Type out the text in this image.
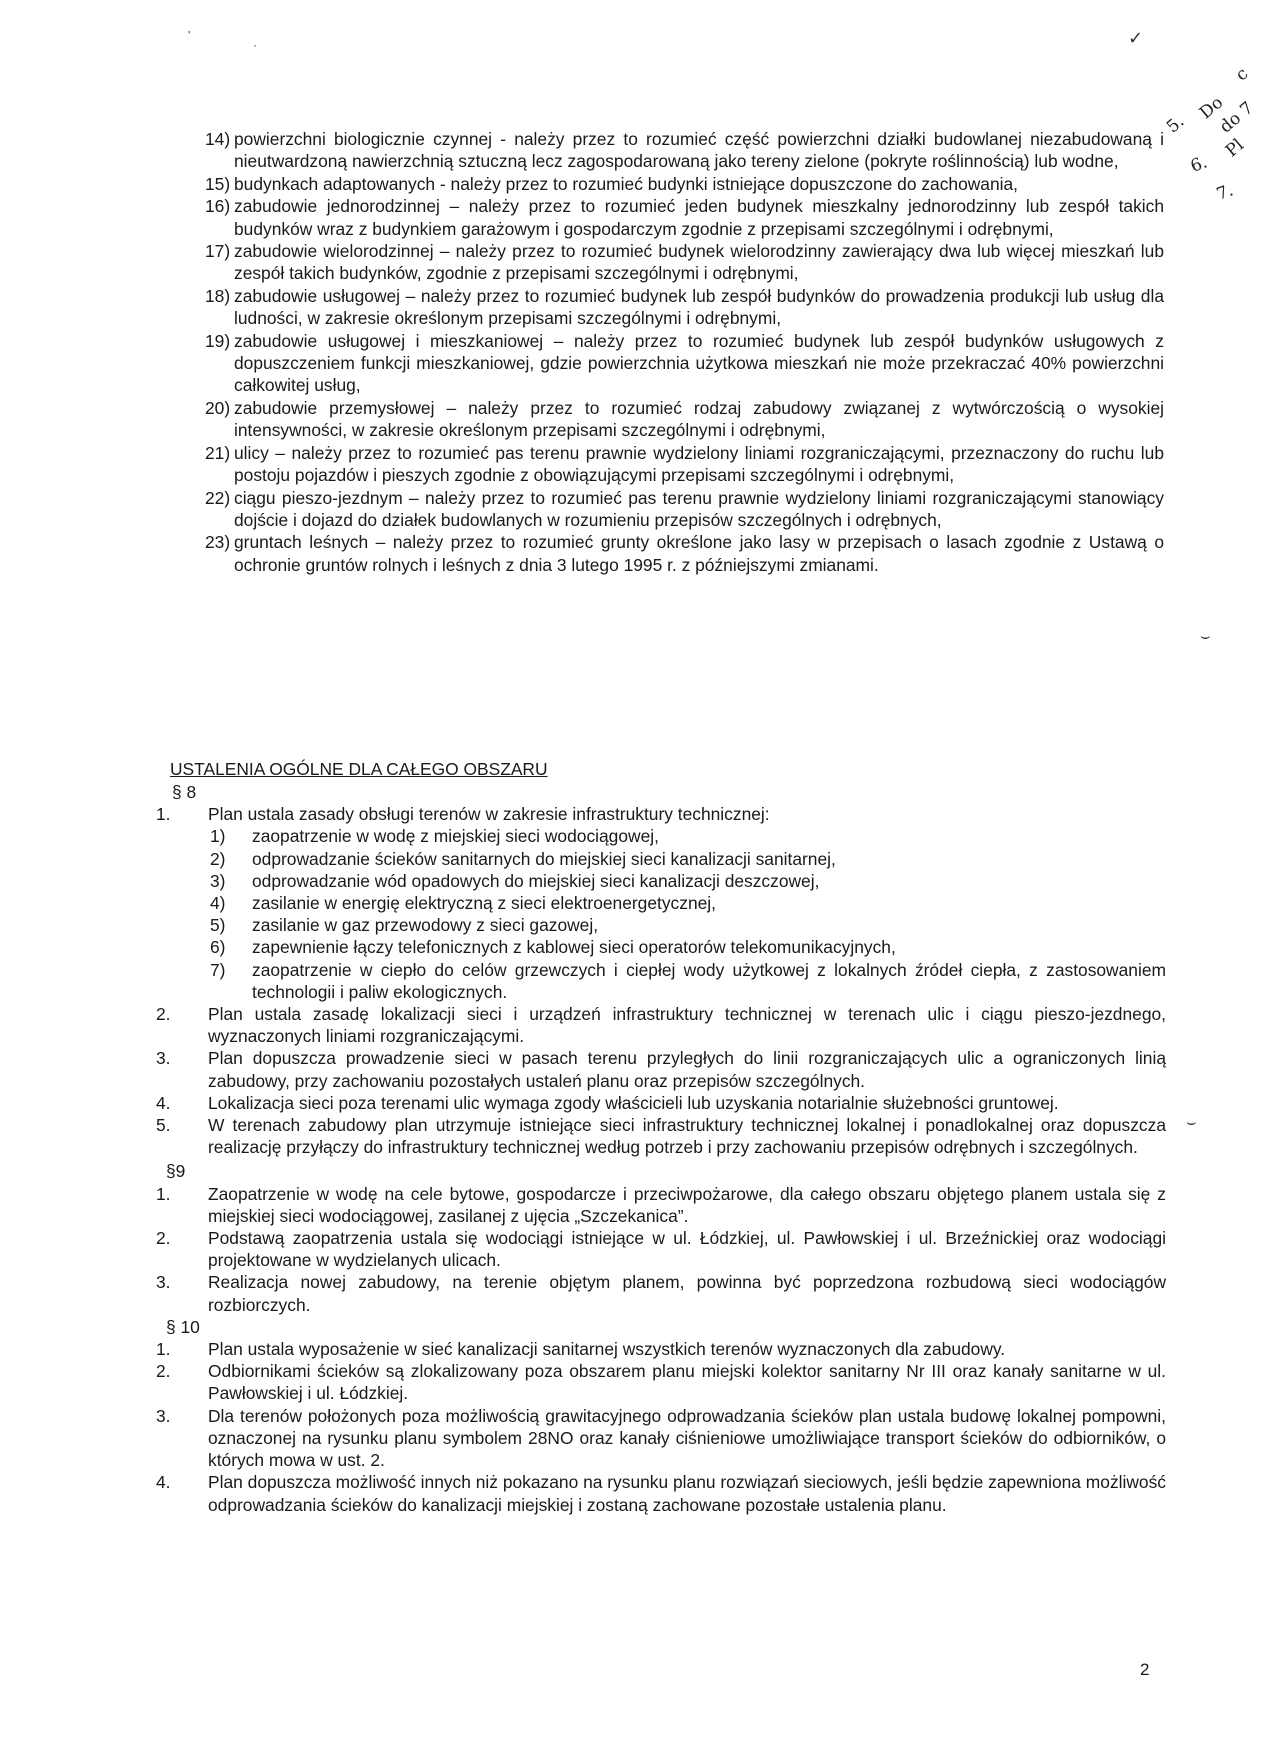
✓
ʹ
·
5.
Do
c
do 7
Pl
6.
7.
⌣
⌣
14) powierzchni biologicznie czynnej - należy przez to rozumieć część powierzchni działki budowlanej niezabudowaną i nieutwardzoną nawierzchnią sztuczną lecz zagospodarowaną jako tereny zielone (pokryte roślinnością) lub wodne,
15) budynkach adaptowanych - należy przez to rozumieć budynki istniejące dopuszczone do zachowania,
16) zabudowie jednorodzinnej – należy przez to rozumieć jeden budynek mieszkalny jednorodzinny lub zespół takich budynków wraz z budynkiem garażowym i gospodarczym zgodnie z przepisami szczególnymi i odrębnymi,
17) zabudowie wielorodzinnej – należy przez to rozumieć budynek wielorodzinny zawierający dwa lub więcej mieszkań lub zespół takich budynków, zgodnie z przepisami szczególnymi i odrębnymi,
18) zabudowie usługowej – należy przez to rozumieć budynek lub zespół budynków do prowadzenia produkcji lub usług dla ludności, w zakresie określonym przepisami szczególnymi i odrębnymi,
19) zabudowie usługowej i mieszkaniowej – należy przez to rozumieć budynek lub zespół budynków usługowych z dopuszczeniem funkcji mieszkaniowej, gdzie powierzchnia użytkowa mieszkań nie może przekraczać 40% powierzchni całkowitej usług,
20) zabudowie przemysłowej – należy przez to rozumieć rodzaj zabudowy związanej z wytwórczością o wysokiej intensywności, w zakresie określonym przepisami szczególnymi i odrębnymi,
21) ulicy – należy przez to rozumieć pas terenu prawnie wydzielony liniami rozgraniczającymi, przeznaczony do ruchu lub postoju pojazdów i pieszych zgodnie z obowiązującymi przepisami szczególnymi i odrębnymi,
22) ciągu pieszo-jezdnym – należy przez to rozumieć pas terenu prawnie wydzielony liniami rozgraniczającymi stanowiący dojście i dojazd do działek budowlanych w rozumieniu przepisów szczególnych i odrębnych,
23) gruntach leśnych – należy przez to rozumieć grunty określone jako lasy w przepisach o lasach zgodnie z Ustawą o ochronie gruntów rolnych i leśnych z dnia 3 lutego 1995 r. z późniejszymi zmianami.
USTALENIA OGÓLNE DLA CAŁEGO OBSZARU
§ 8
1. Plan ustala zasady obsługi terenów w zakresie infrastruktury technicznej:
1) zaopatrzenie w wodę z miejskiej sieci wodociągowej,
2) odprowadzanie ścieków sanitarnych do miejskiej sieci kanalizacji sanitarnej,
3) odprowadzanie wód opadowych do miejskiej sieci kanalizacji deszczowej,
4) zasilanie w energię elektryczną z sieci elektroenergetycznej,
5) zasilanie w gaz przewodowy z sieci gazowej,
6) zapewnienie łączy telefonicznych z kablowej sieci operatorów telekomunikacyjnych,
7) zaopatrzenie w ciepło do celów grzewczych i ciepłej wody użytkowej z lokalnych źródeł ciepła, z zastosowaniem technologii i paliw ekologicznych.
2. Plan ustala zasadę lokalizacji sieci i urządzeń infrastruktury technicznej w terenach ulic i ciągu pieszo-jezdnego, wyznaczonych liniami rozgraniczającymi.
3. Plan dopuszcza prowadzenie sieci w pasach terenu przyległych do linii rozgraniczających ulic a ograniczonych linią zabudowy, przy zachowaniu pozostałych ustaleń planu oraz przepisów szczególnych.
4. Lokalizacja sieci poza terenami ulic wymaga zgody właścicieli lub uzyskania notarialnie służebności gruntowej.
5. W terenach zabudowy plan utrzymuje istniejące sieci infrastruktury technicznej lokalnej i ponadlokalnej oraz dopuszcza realizację przyłączy do infrastruktury technicznej według potrzeb i przy zachowaniu przepisów odrębnych i szczególnych.
§9
1. Zaopatrzenie w wodę na cele bytowe, gospodarcze i przeciwpożarowe, dla całego obszaru objętego planem ustala się z miejskiej sieci wodociągowej, zasilanej z ujęcia „Szczekanica”.
2. Podstawą zaopatrzenia ustala się wodociągi istniejące w ul. Łódzkiej, ul. Pawłowskiej i ul. Brzeźnickiej oraz wodociągi projektowane w wydzielanych ulicach.
3. Realizacja nowej zabudowy, na terenie objętym planem, powinna być poprzedzona rozbudową sieci wodociągów rozbiorczych.
§ 10
1. Plan ustala wyposażenie w sieć kanalizacji sanitarnej wszystkich terenów wyznaczonych dla zabudowy.
2. Odbiornikami ścieków są zlokalizowany poza obszarem planu miejski kolektor sanitarny Nr III oraz kanały sanitarne w ul. Pawłowskiej i ul. Łódzkiej.
3. Dla terenów położonych poza możliwością grawitacyjnego odprowadzania ścieków plan ustala budowę lokalnej pompowni, oznaczonej na rysunku planu symbolem 28NO oraz kanały ciśnieniowe umożliwiające transport ścieków do odbiorników, o których mowa w ust. 2.
4. Plan dopuszcza możliwość innych niż pokazano na rysunku planu rozwiązań sieciowych, jeśli będzie zapewniona możliwość odprowadzania ścieków do kanalizacji miejskiej i zostaną zachowane pozostałe ustalenia planu.
2
